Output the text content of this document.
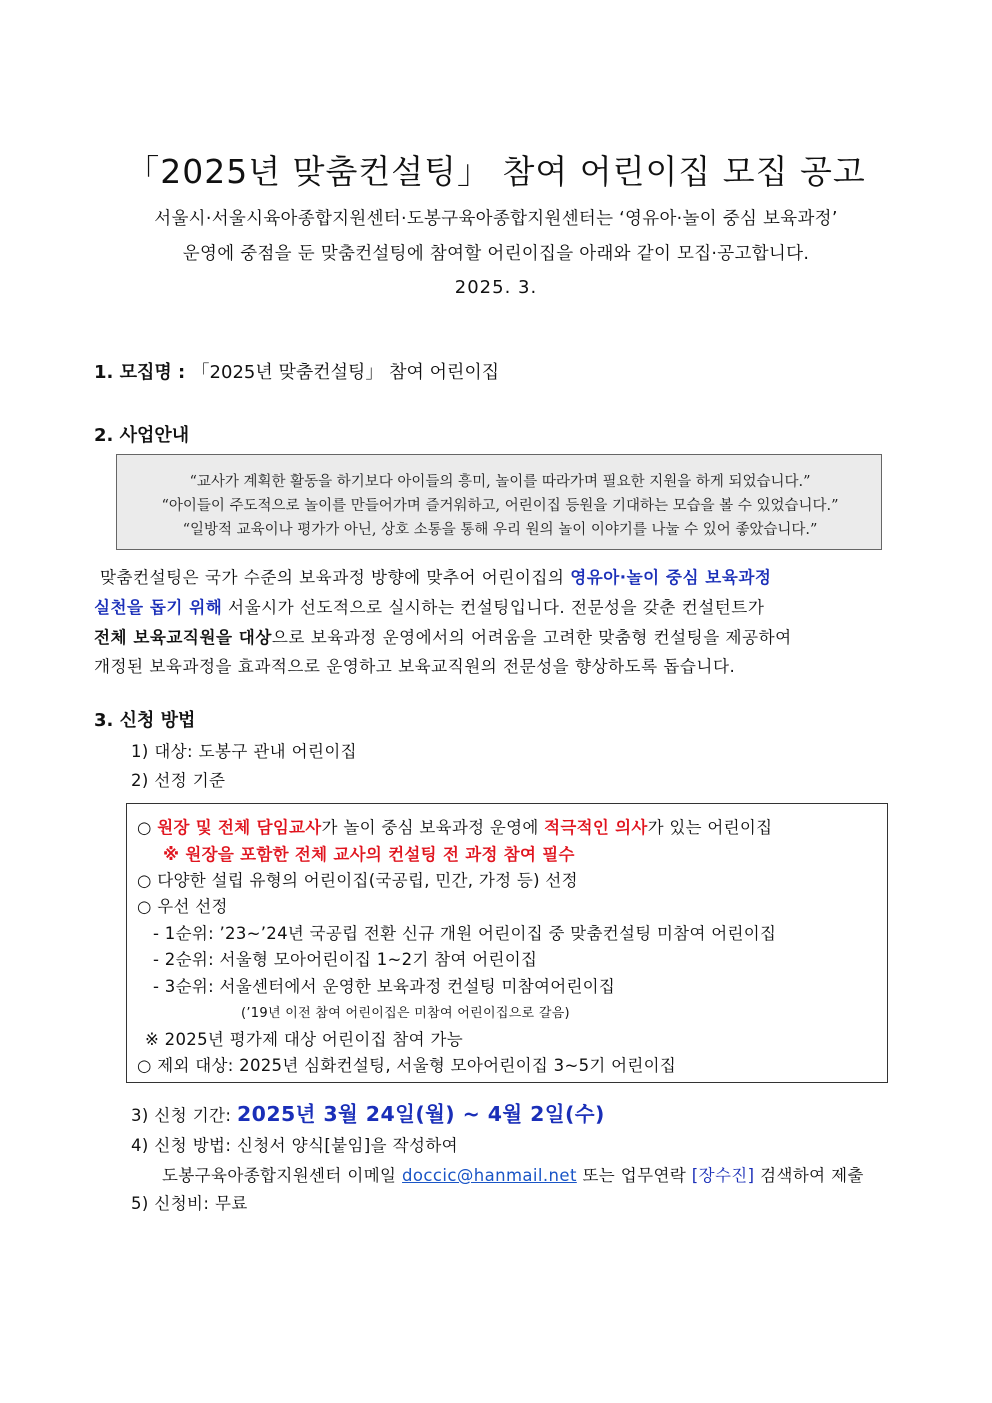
「2025년 맞춤컨설팅」 참여 어린이집 모집 공고
서울시·서울시육아종합지원센터·도봉구육아종합지원센터는 ‘영유아·놀이 중심 보육과정’
운영에 중점을 둔 맞춤컨설팅에 참여할 어린이집을 아래와 같이 모집·공고합니다.
2025. 3.
1. 모집명 : 「2025년 맞춤컨설팅」 참여 어린이집
2. 사업안내
“교사가 계획한 활동을 하기보다 아이들의 흥미, 놀이를 따라가며 필요한 지원을 하게 되었습니다.”
“아이들이 주도적으로 놀이를 만들어가며 즐거워하고, 어린이집 등원을 기대하는 모습을 볼 수 있었습니다.”
“일방적 교육이나 평가가 아닌, 상호 소통을 통해 우리 원의 놀이 이야기를 나눌 수 있어 좋았습니다.”
맞춤컨설팅은 국가 수준의 보육과정 방향에 맞추어 어린이집의 영유아·놀이 중심 보육과정
실천을 돕기 위해 서울시가 선도적으로 실시하는 컨설팅입니다. 전문성을 갖춘 컨설턴트가
전체 보육교직원을 대상으로 보육과정 운영에서의 어려움을 고려한 맞춤형 컨설팅을 제공하여
개정된 보육과정을 효과적으로 운영하고 보육교직원의 전문성을 향상하도록 돕습니다.
3. 신청 방법
1) 대상: 도봉구 관내 어린이집
2) 선정 기준
○ 원장 및 전체 담임교사가 놀이 중심 보육과정 운영에 적극적인 의사가 있는 어린이집
※ 원장을 포함한 전체 교사의 컨설팅 전 과정 참여 필수
○ 다양한 설립 유형의 어린이집(국공립, 민간, 가정 등) 선정
○ 우선 선정
- 1순위: ’23~’24년 국공립 전환 신규 개원 어린이집 중 맞춤컨설팅 미참여 어린이집
- 2순위: 서울형 모아어린이집 1~2기 참여 어린이집
- 3순위: 서울센터에서 운영한 보육과정 컨설팅 미참여어린이집
(’19년 이전 참여 어린이집은 미참여 어린이집으로 갈음)
※ 2025년 평가제 대상 어린이집 참여 가능
○ 제외 대상: 2025년 심화컨설팅, 서울형 모아어린이집 3~5기 어린이집
3) 신청 기간: 2025년 3월 24일(월) ~ 4월 2일(수)
4) 신청 방법: 신청서 양식[붙임]을 작성하여
도봉구육아종합지원센터 이메일 doccic@hanmail.net 또는 업무연락 [장수진] 검색하여 제출
5) 신청비: 무료
